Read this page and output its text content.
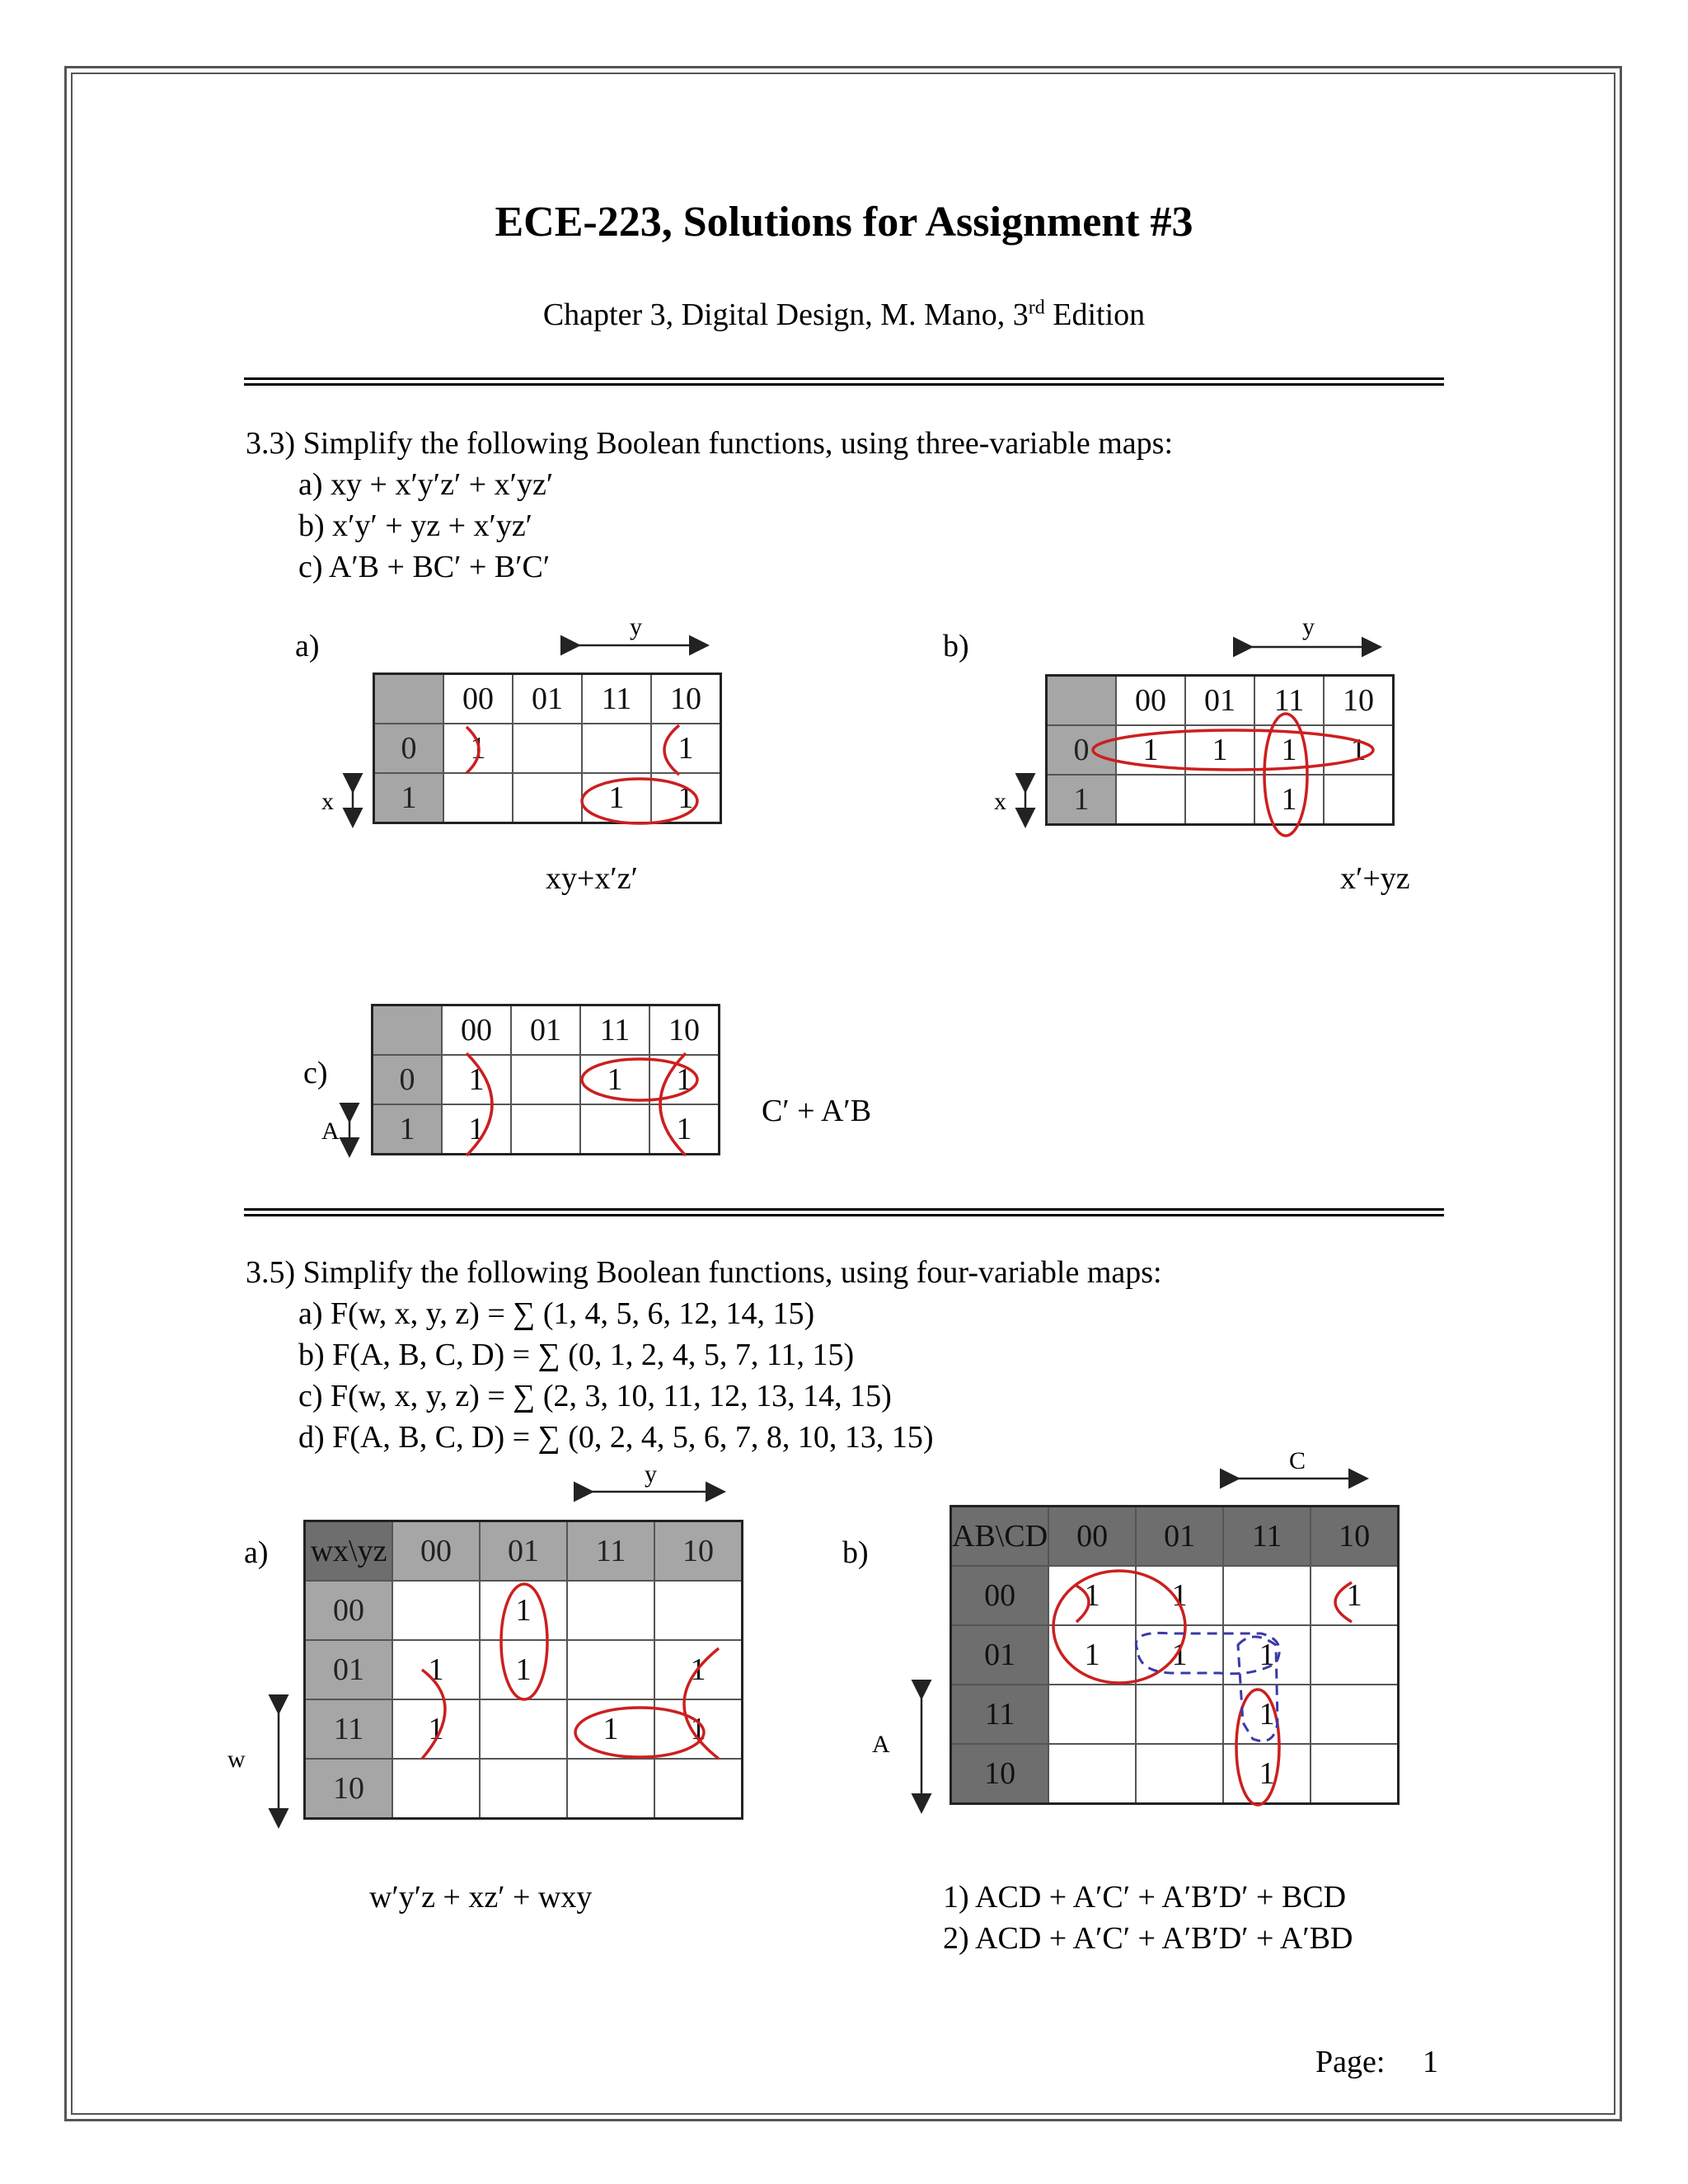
ECE-223, Solutions for Assignment #3
Chapter 3, Digital Design, M. Mano, 3rd Edition
3.3) Simplify the following Boolean functions, using three-variable maps:
a) xy + x′y′z′ + x′yz′
b) x′y′ + yz + x′yz′
c) A′B + BC′ + B′C′
a)
y
x
	00	01	11	10
0	1			1
1			1	1
xy+x′z′
b)
y
x
	00	01	11	10
0	1	1	1	1
1			1	
x′+yz
c)
A
	00	01	11	10
0	1		1	1
1	1			1
C′ + A′B
3.5) Simplify the following Boolean functions, using four-variable maps:
a) F(w, x, y, z) = ∑ (1, 4, 5, 6, 12, 14, 15)
b) F(A, B, C, D) = ∑ (0, 1, 2, 4, 5, 7, 11, 15)
c) F(w, x, y, z) = ∑ (2, 3, 10, 11, 12, 13, 14, 15)
d) F(A, B, C, D) = ∑ (0, 2, 4, 5, 6, 7, 8, 10, 13, 15)
a)
y
w
wx\yz	00	01	11	10
00		1		
01	1	1		1
11	1		1	1
10				
w′y′z + xz′ + wxy
b)
C
A
AB\CD	00	01	11	10
00	1	1		1
01	1	1	1	
11			1	
10			1	
1) ACD + A′C′ + A′B′D′ + BCD
2) ACD + A′C′ + A′B′D′ + A′BD
Page: 1
